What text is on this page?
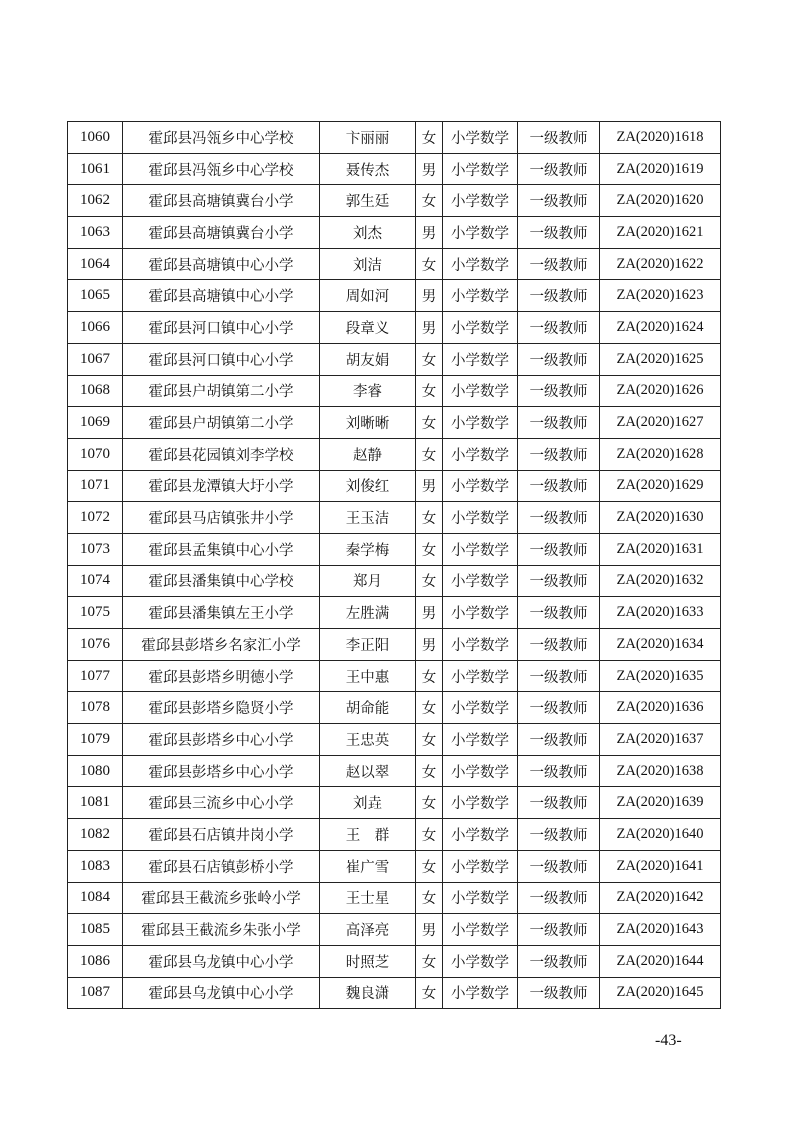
1060	霍邱县冯瓴乡中心学校	卞丽丽	女	小学数学	一级教师	ZA(2020)1618
1061	霍邱县冯瓴乡中心学校	聂传杰	男	小学数学	一级教师	ZA(2020)1619
1062	霍邱县高塘镇冀台小学	郭生廷	女	小学数学	一级教师	ZA(2020)1620
1063	霍邱县高塘镇冀台小学	刘杰	男	小学数学	一级教师	ZA(2020)1621
1064	霍邱县高塘镇中心小学	刘洁	女	小学数学	一级教师	ZA(2020)1622
1065	霍邱县高塘镇中心小学	周如河	男	小学数学	一级教师	ZA(2020)1623
1066	霍邱县河口镇中心小学	段章义	男	小学数学	一级教师	ZA(2020)1624
1067	霍邱县河口镇中心小学	胡友娟	女	小学数学	一级教师	ZA(2020)1625
1068	霍邱县户胡镇第二小学	李睿	女	小学数学	一级教师	ZA(2020)1626
1069	霍邱县户胡镇第二小学	刘晰晰	女	小学数学	一级教师	ZA(2020)1627
1070	霍邱县花园镇刘李学校	赵静	女	小学数学	一级教师	ZA(2020)1628
1071	霍邱县龙潭镇大圩小学	刘俊红	男	小学数学	一级教师	ZA(2020)1629
1072	霍邱县马店镇张井小学	王玉洁	女	小学数学	一级教师	ZA(2020)1630
1073	霍邱县孟集镇中心小学	秦学梅	女	小学数学	一级教师	ZA(2020)1631
1074	霍邱县潘集镇中心学校	郑月	女	小学数学	一级教师	ZA(2020)1632
1075	霍邱县潘集镇左王小学	左胜满	男	小学数学	一级教师	ZA(2020)1633
1076	霍邱县彭塔乡名家汇小学	李正阳	男	小学数学	一级教师	ZA(2020)1634
1077	霍邱县彭塔乡明德小学	王中惠	女	小学数学	一级教师	ZA(2020)1635
1078	霍邱县彭塔乡隐贤小学	胡命能	女	小学数学	一级教师	ZA(2020)1636
1079	霍邱县彭塔乡中心小学	王忠英	女	小学数学	一级教师	ZA(2020)1637
1080	霍邱县彭塔乡中心小学	赵以翠	女	小学数学	一级教师	ZA(2020)1638
1081	霍邱县三流乡中心小学	刘垚	女	小学数学	一级教师	ZA(2020)1639
1082	霍邱县石店镇井岗小学	王　群	女	小学数学	一级教师	ZA(2020)1640
1083	霍邱县石店镇彭桥小学	崔广雪	女	小学数学	一级教师	ZA(2020)1641
1084	霍邱县王截流乡张岭小学	王士星	女	小学数学	一级教师	ZA(2020)1642
1085	霍邱县王截流乡朱张小学	高泽亮	男	小学数学	一级教师	ZA(2020)1643
1086	霍邱县乌龙镇中心小学	时照芝	女	小学数学	一级教师	ZA(2020)1644
1087	霍邱县乌龙镇中心小学	魏良潇	女	小学数学	一级教师	ZA(2020)1645
-43-
